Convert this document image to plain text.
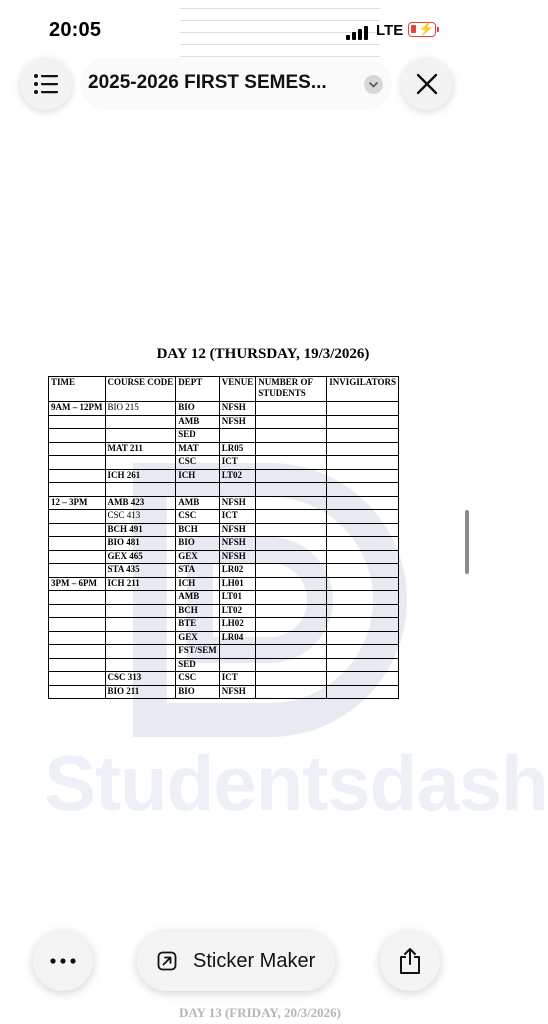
20:05	LTE ⚡
2025-2026 FIRST SEMES...
Studentsdash
DAY 12 (THURSDAY, 19/3/2026)
TIME	COURSE CODE	DEPT	VENUE	NUMBER OF STUDENTS	INVIGILATORS
9AM – 12PM	BIO 215	BIO	NFSH		
		AMB	NFSH		
		SED			
	MAT 211	MAT	LR05		
		CSC	ICT		
	ICH 261	ICH	LT02		

12 – 3PM	AMB 423	AMB	NFSH		
	CSC 413	CSC	ICT		
	BCH 491	BCH	NFSH		
	BIO 481	BIO	NFSH		
	GEX 465	GEX	NFSH		
	STA 435	STA	LR02		
3PM – 6PM	ICH 211	ICH	LH01		
		AMB	LT01		
		BCH	LT02		
		BTE	LH02		
		GEX	LR04		
		FST/SEM			
		SED			
	CSC 313	CSC	ICT		
	BIO 211	BIO	NFSH		
DAY 13 (FRIDAY, 20/3/2026)
Sticker Maker
